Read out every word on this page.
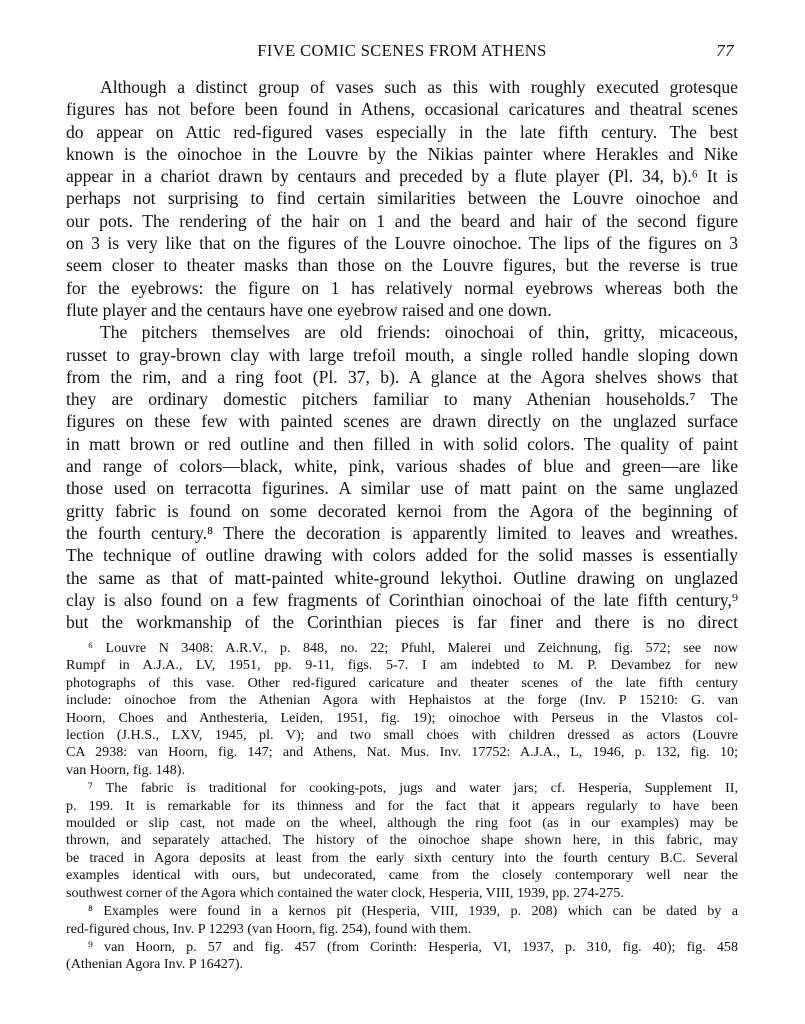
FIVE COMIC SCENES FROM ATHENS	77
Although a distinct group of vases such as this with roughly executed grotesque
figures has not before been found in Athens, occasional caricatures and theatral scenes
do appear on Attic red-figured vases especially in the late fifth century. The best
known is the oinochoe in the Louvre by the Nikias painter where Herakles and Nike
appear in a chariot drawn by centaurs and preceded by a flute player (Pl. 34, b).⁶ It is
perhaps not surprising to find certain similarities between the Louvre oinochoe and
our pots. The rendering of the hair on 1 and the beard and hair of the second figure
on 3 is very like that on the figures of the Louvre oinochoe. The lips of the figures on 3
seem closer to theater masks than those on the Louvre figures, but the reverse is true
for the eyebrows: the figure on 1 has relatively normal eyebrows whereas both the
flute player and the centaurs have one eyebrow raised and one down.
The pitchers themselves are old friends: oinochoai of thin, gritty, micaceous,
russet to gray-brown clay with large trefoil mouth, a single rolled handle sloping down
from the rim, and a ring foot (Pl. 37, b). A glance at the Agora shelves shows that
they are ordinary domestic pitchers familiar to many Athenian households.⁷ The
figures on these few with painted scenes are drawn directly on the unglazed surface
in matt brown or red outline and then filled in with solid colors. The quality of paint
and range of colors—black, white, pink, various shades of blue and green—are like
those used on terracotta figurines. A similar use of matt paint on the same unglazed
gritty fabric is found on some decorated kernoi from the Agora of the beginning of
the fourth century.⁸ There the decoration is apparently limited to leaves and wreathes.
The technique of outline drawing with colors added for the solid masses is essentially
the same as that of matt-painted white-ground lekythoi. Outline drawing on unglazed
clay is also found on a few fragments of Corinthian oinochoai of the late fifth century,⁹
but the workmanship of the Corinthian pieces is far finer and there is no direct
⁶ Louvre N 3408: A.R.V., p. 848, no. 22; Pfuhl, Malerei und Zeichnung, fig. 572; see now
Rumpf in A.J.A., LV, 1951, pp. 9-11, figs. 5-7. I am indebted to M. P. Devambez for new
photographs of this vase. Other red-figured caricature and theater scenes of the late fifth century
include: oinochoe from the Athenian Agora with Hephaistos at the forge (Inv. P 15210: G. van
Hoorn, Choes and Anthesteria, Leiden, 1951, fig. 19); oinochoe with Perseus in the Vlastos col-
lection (J.H.S., LXV, 1945, pl. V); and two small choes with children dressed as actors (Louvre
CA 2938: van Hoorn, fig. 147; and Athens, Nat. Mus. Inv. 17752: A.J.A., L, 1946, p. 132, fig. 10;
van Hoorn, fig. 148).
⁷ The fabric is traditional for cooking-pots, jugs and water jars; cf. Hesperia, Supplement II,
p. 199. It is remarkable for its thinness and for the fact that it appears regularly to have been
moulded or slip cast, not made on the wheel, although the ring foot (as in our examples) may be
thrown, and separately attached. The history of the oinochoe shape shown here, in this fabric, may
be traced in Agora deposits at least from the early sixth century into the fourth century B.C. Several
examples identical with ours, but undecorated, came from the closely contemporary well near the
southwest corner of the Agora which contained the water clock, Hesperia, VIII, 1939, pp. 274-275.
⁸ Examples were found in a kernos pit (Hesperia, VIII, 1939, p. 208) which can be dated by a
red-figured chous, Inv. P 12293 (van Hoorn, fig. 254), found with them.
⁹ van Hoorn, p. 57 and fig. 457 (from Corinth: Hesperia, VI, 1937, p. 310, fig. 40); fig. 458
(Athenian Agora Inv. P 16427).
